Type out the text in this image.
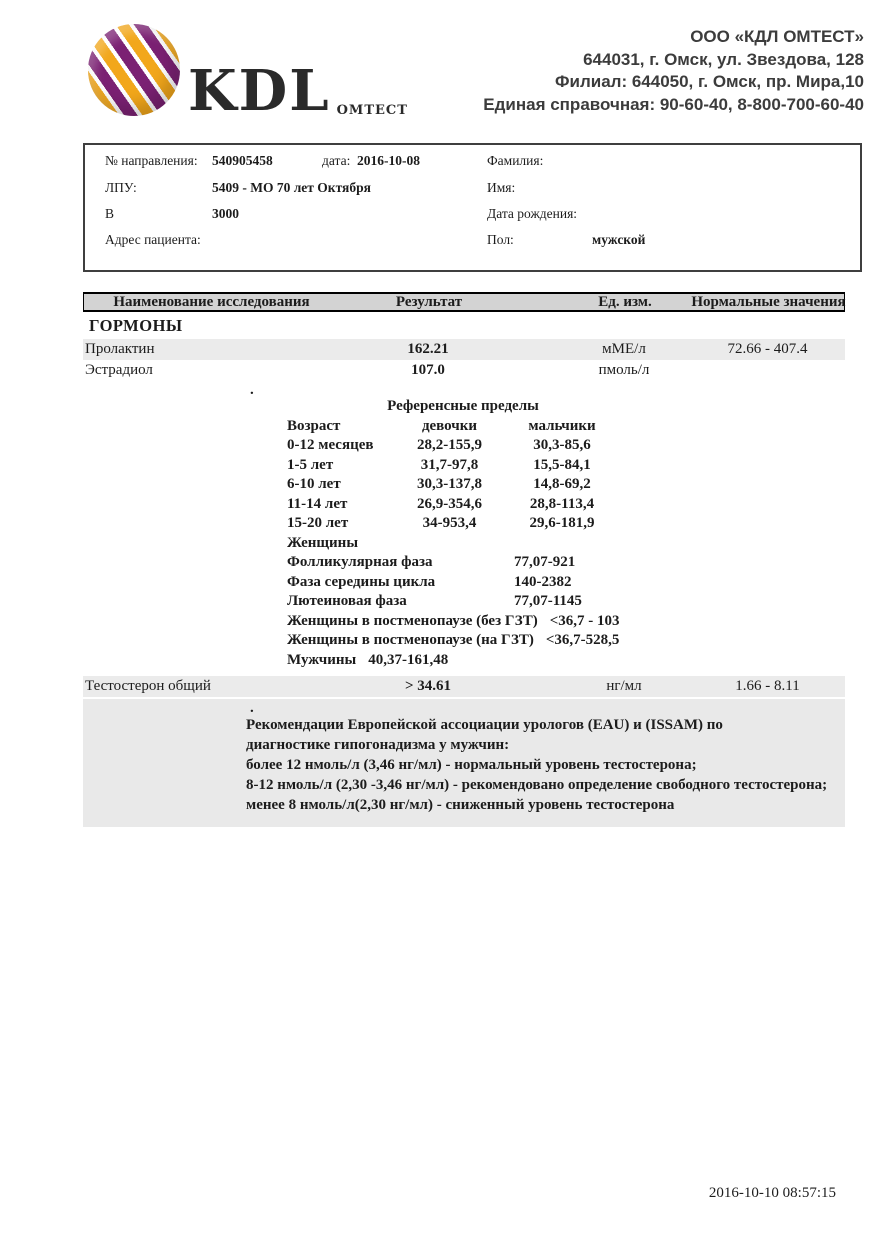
KDL ОМТЕСТ
ООО «КДЛ ОМТЕСТ»
644031, г. Омск, ул. Звездова, 128
Филиал: 644050, г. Омск, пр. Мира,10
Единая справочная: 90-60-40, 8-800-700-60-40
№ направления: 540905458	дата: 2016-10-08
ЛПУ:	5409 - МО 70 лет Октября
В	3000
Адрес пациента:
Фамилия:
Имя:
Дата рождения:
Пол:	мужской
Наименование исследования	Результат	Ед. изм.	Нормальные значения
ГОРМОНЫ
Пролактин	162.21	мМЕ/л	72.66 - 407.4
Эстрадиол	107.0	пмоль/л
.
Референсные пределы
Возраст	девочки	мальчики
0-12 месяцев	28,2-155,9	30,3-85,6
1-5 лет	31,7-97,8	15,5-84,1
6-10 лет	30,3-137,8	14,8-69,2
11-14 лет	26,9-354,6	28,8-113,4
15-20 лет	34-953,4	29,6-181,9
Женщины
Фолликулярная фаза	77,07-921
Фаза середины цикла	140-2382
Лютеиновая фаза	77,07-1145
Женщины в постменопаузе (без ГЗТ) <36,7 - 103
Женщины в постменопаузе (на ГЗТ) <36,7-528,5
Мужчины 40,37-161,48
Тестостерон общий	> 34.61	нг/мл	1.66 - 8.11
.
Рекомендации Европейской ассоциации урологов (EAU) и (ISSAM) по
диагностике гипогонадизма у мужчин:
более 12 нмоль/л (3,46 нг/мл) - нормальный уровень тестостерона;
8-12 нмоль/л (2,30 -3,46 нг/мл) - рекомендовано определение свободного тестостерона;
менее 8 нмоль/л(2,30 нг/мл) - сниженный уровень тестостерона
2016-10-10 08:57:15
